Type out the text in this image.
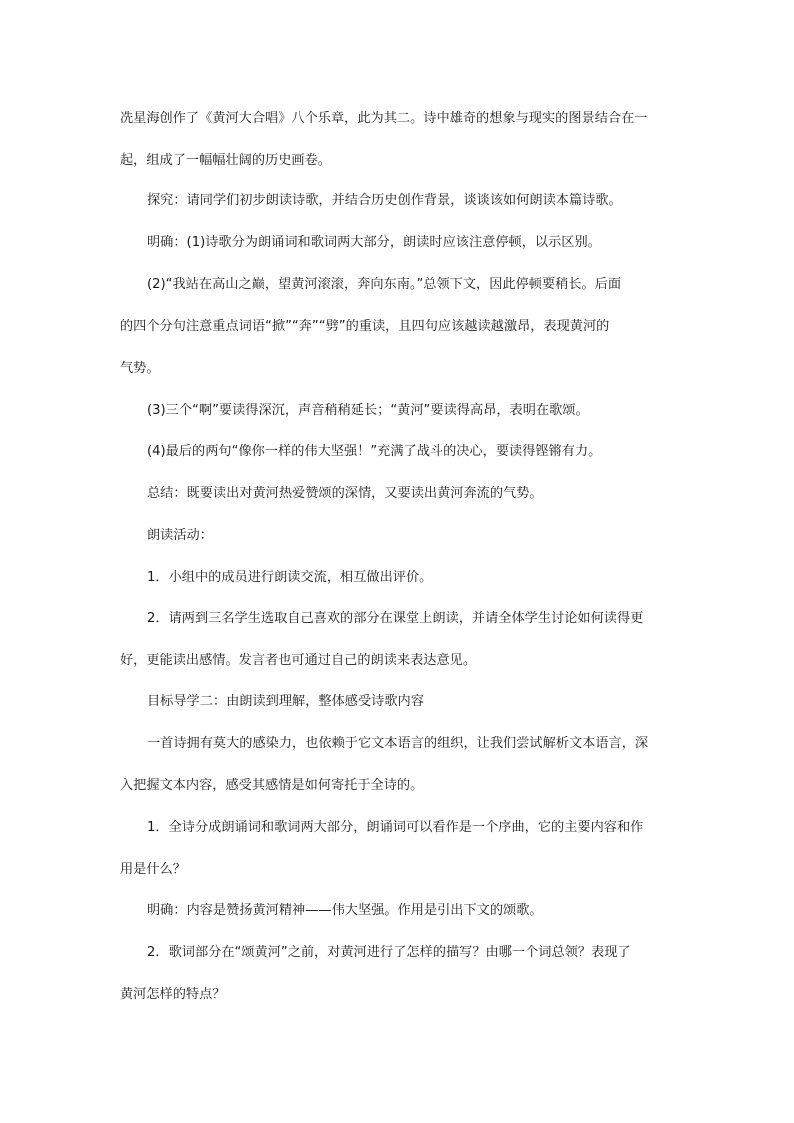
冼星海创作了《黄河大合唱》八个乐章，此为其二。诗中雄奇的想象与现实的图景结合在一
起，组成了一幅幅壮阔的历史画卷。
探究：请同学们初步朗读诗歌，并结合历史创作背景，谈谈该如何朗读本篇诗歌。
明确：(1)诗歌分为朗诵词和歌词两大部分，朗读时应该注意停顿，以示区别。
(2)“我站在高山之巅，望黄河滚滚，奔向东南。”总领下文，因此停顿要稍长。后面
的四个分句注意重点词语“掀”“奔”“劈”的重读，且四句应该越读越激昂，表现黄河的
气势。
(3)三个“啊”要读得深沉，声音稍稍延长；“黄河”要读得高昂，表明在歌颂。
(4)最后的两句“像你一样的伟大坚强！”充满了战斗的决心，要读得铿锵有力。
总结：既要读出对黄河热爱赞颂的深情，又要读出黄河奔流的气势。
朗读活动：
1．小组中的成员进行朗读交流，相互做出评价。
2．请两到三名学生选取自己喜欢的部分在课堂上朗读，并请全体学生讨论如何读得更
好，更能读出感情。发言者也可通过自己的朗读来表达意见。
目标导学二：由朗读到理解，整体感受诗歌内容
一首诗拥有莫大的感染力，也依赖于它文本语言的组织，让我们尝试解析文本语言，深
入把握文本内容，感受其感情是如何寄托于全诗的。
1．全诗分成朗诵词和歌词两大部分，朗诵词可以看作是一个序曲，它的主要内容和作
用是什么？
明确：内容是赞扬黄河精神——伟大坚强。作用是引出下文的颂歌。
2．歌词部分在“颂黄河”之前，对黄河进行了怎样的描写？由哪一个词总领？表现了
黄河怎样的特点？
